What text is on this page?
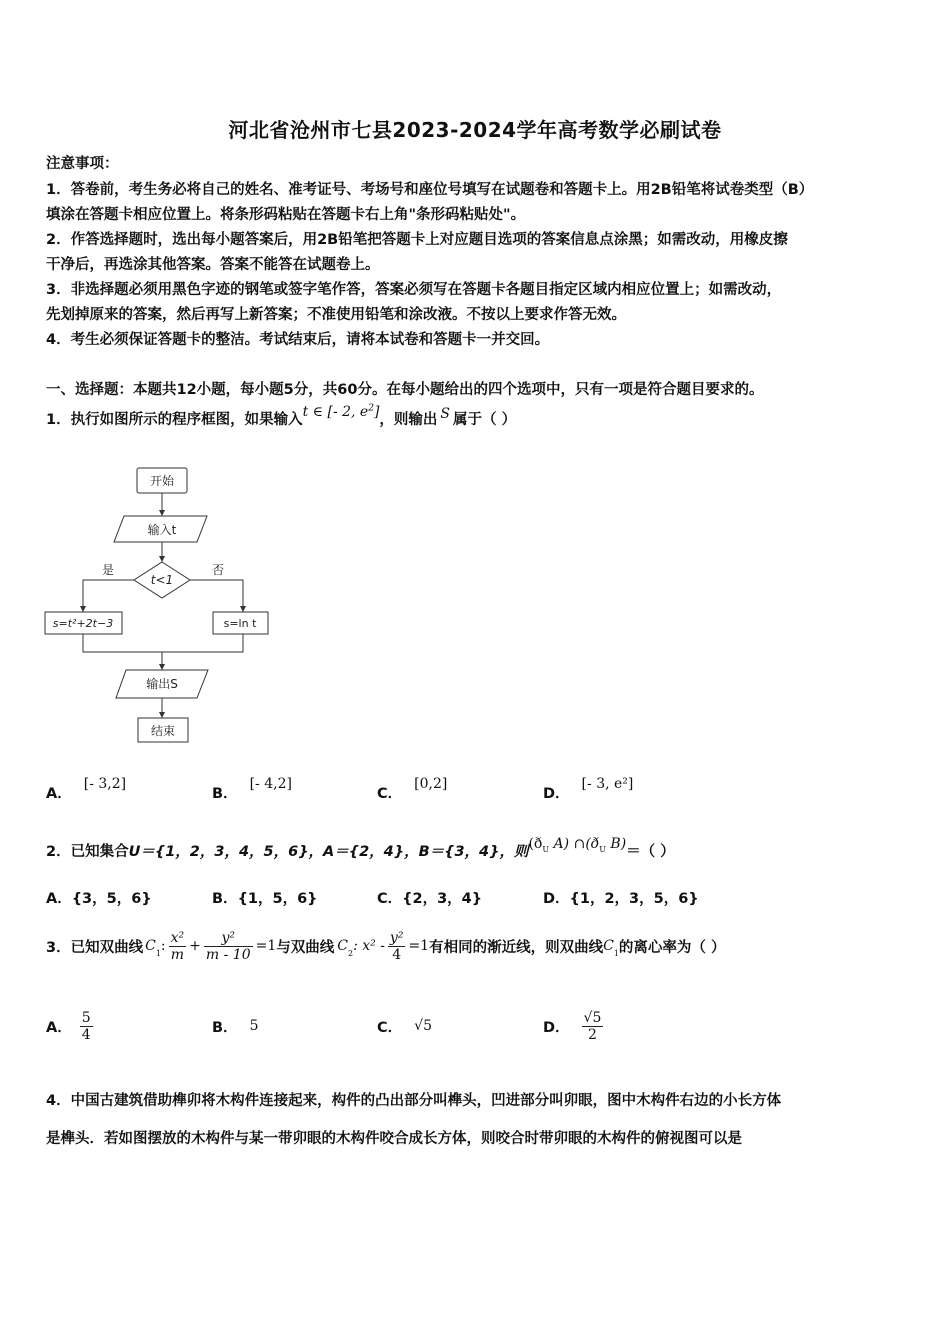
河北省沧州市七县2023-2024学年高考数学必刷试卷
注意事项：
1．答卷前，考生务必将自己的姓名、准考证号、考场号和座位号填写在试题卷和答题卡上。用2B铅笔将试卷类型（B）
填涂在答题卡相应位置上。将条形码粘贴在答题卡右上角"条形码粘贴处"。
2．作答选择题时，选出每小题答案后，用2B铅笔把答题卡上对应题目选项的答案信息点涂黑；如需改动，用橡皮擦
干净后，再选涂其他答案。答案不能答在试题卷上。
3．非选择题必须用黑色字迹的钢笔或签字笔作答，答案必须写在答题卡各题目指定区域内相应位置上；如需改动，
先划掉原来的答案，然后再写上新答案；不准使用铅笔和涂改液。不按以上要求作答无效。
4．考生必须保证答题卡的整洁。考试结束后，请将本试卷和答题卡一并交回。
一、选择题：本题共12小题，每小题5分，共60分。在每小题给出的四个选项中，只有一项是符合题目要求的。
1．执行如图所示的程序框图，如果输入t ∈ [- 2, $e^2$]，则输出 S 属于（ ）
开始
输入t
t<1
是	否
s=t²+2t−3	s=ln t
输出S
结束
A．[- 3,2]
B．[- 4,2]
C．[0,2]
D．[- 3, e²]
2．已知集合U＝{1，2，3，4，5，6}，A＝{2，4}，B＝{3，4}，则($ð_U$ A) $\cap(ð_U$ B)＝（ ）
A．{3，5，6}	B．{1，5，6}	C．{2，3，4}	D．{1，2，3，5，6}
3．已知双曲线 $C_1$ : $\frac{\text{x²}}{m} + \frac{\text{y²}}{m - 10} =1$ 与双曲线 $C_2$ : $x^2 - \frac{\text{y²}}{4} =1$ 有相同的渐近线，则双曲线 $C_1$ 的离心率为（ ）
A． $\frac{5}{4}$	B． 5	C． √5	D． $\frac{√5}{2}$
4．中国古建筑借助榫卯将木构件连接起来，构件的凸出部分叫榫头，凹进部分叫卯眼，图中木构件右边的小长方体
是榫头．若如图摆放的木构件与某一带卯眼的木构件咬合成长方体，则咬合时带卯眼的木构件的俯视图可以是
